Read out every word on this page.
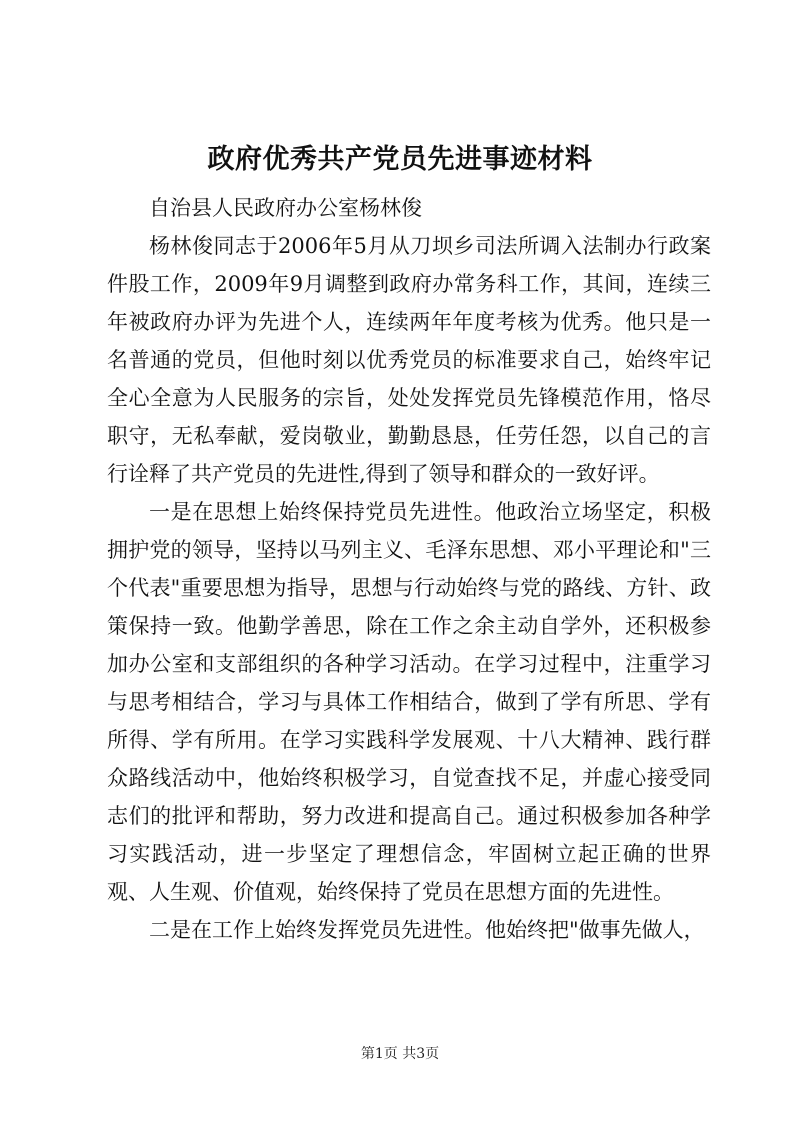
政府优秀共产党员先进事迹材料

自治县人民政府办公室杨林俊

杨林俊同志于2006年5月从刀坝乡司法所调入法制办行政案件股工作，2009年9月调整到政府办常务科工作，其间，连续三年被政府办评为先进个人，连续两年年度考核为优秀。他只是一名普通的党员，但他时刻以优秀党员的标准要求自己，始终牢记全心全意为人民服务的宗旨，处处发挥党员先锋模范作用，恪尽职守，无私奉献，爱岗敬业，勤勤恳恳，任劳任怨，以自己的言行诠释了共产党员的先进性,得到了领导和群众的一致好评。

一是在思想上始终保持党员先进性。他政治立场坚定，积极拥护党的领导，坚持以马列主义、毛泽东思想、邓小平理论和"三个代表"重要思想为指导，思想与行动始终与党的路线、方针、政策保持一致。他勤学善思，除在工作之余主动自学外，还积极参加办公室和支部组织的各种学习活动。在学习过程中，注重学习与思考相结合，学习与具体工作相结合，做到了学有所思、学有所得、学有所用。在学习实践科学发展观、十八大精神、践行群众路线活动中，他始终积极学习，自觉查找不足，并虚心接受同志们的批评和帮助，努力改进和提高自己。通过积极参加各种学习实践活动，进一步坚定了理想信念，牢固树立起正确的世界观、人生观、价值观，始终保持了党员在思想方面的先进性。

二是在工作上始终发挥党员先进性。他始终把"做事先做人，

第1页 共3页
